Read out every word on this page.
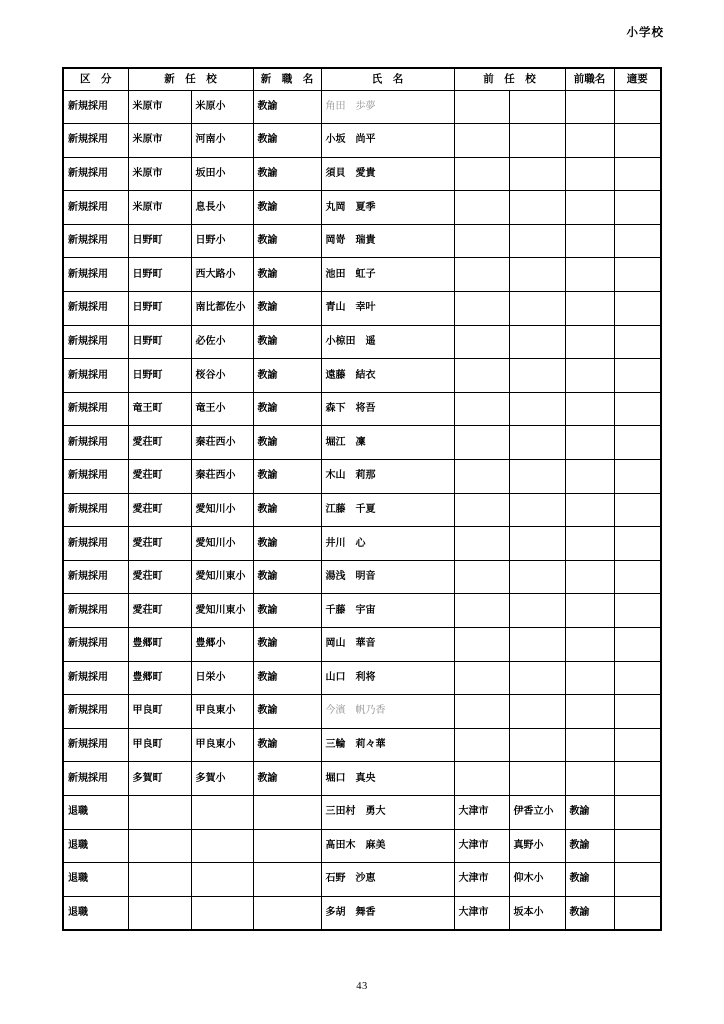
小学校
区　分	新　任　校		新　職　名	氏　名	前　任　校		前職名	適要
新規採用	米原市	米原小	教諭	角田　歩夢				
新規採用	米原市	河南小	教諭	小坂　尚平				
新規採用	米原市	坂田小	教諭	須貝　愛貴				
新規採用	米原市	息長小	教諭	丸岡　夏季				
新規採用	日野町	日野小	教諭	岡嵜　瑞貴				
新規採用	日野町	西大路小	教諭	池田　虹子				
新規採用	日野町	南比都佐小	教諭	青山　幸叶				
新規採用	日野町	必佐小	教諭	小椋田　遥				
新規採用	日野町	桜谷小	教諭	遠藤　結衣				
新規採用	竜王町	竜王小	教諭	森下　将吾				
新規採用	愛荘町	秦荘西小	教諭	堀江　凜				
新規採用	愛荘町	秦荘西小	教諭	木山　莉那				
新規採用	愛荘町	愛知川小	教諭	江藤　千夏				
新規採用	愛荘町	愛知川小	教諭	井川　心				
新規採用	愛荘町	愛知川東小	教諭	湯浅　明音				
新規採用	愛荘町	愛知川東小	教諭	千藤　宇宙				
新規採用	豊郷町	豊郷小	教諭	岡山　華音				
新規採用	豊郷町	日栄小	教諭	山口　利将				
新規採用	甲良町	甲良東小	教諭	今濱　帆乃香				
新規採用	甲良町	甲良東小	教諭	三輪　莉々華				
新規採用	多賀町	多賀小	教諭	堀口　真央				
退職				三田村　勇大	大津市	伊香立小	教諭	
退職				髙田木　麻美	大津市	真野小	教諭	
退職				石野　沙恵	大津市	仰木小	教諭	
退職				多胡　舞香	大津市	坂本小	教諭	
43
